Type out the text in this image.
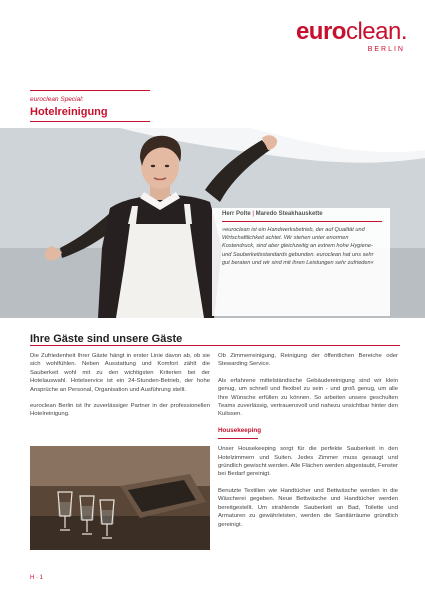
euroclean.
BERLIN
euroclean Special:
Hotelreinigung
Herr Polte | Maredo Steakhauskette
»euroclean ist ein Handwerksbetrieb, der auf Qualität und Wirtschaftlichkeit achtet. Wir stehen unter enormen Kostendruck, sind aber gleichzeitig an extrem hohe Hygiene- und Sauberkeitsstandards gebunden. euroclean hat uns sehr gut beraten und wir sind mit ihren Leistungen sehr zufrieden«
Ihre Gäste sind unsere Gäste

Die Zufriedenheit Ihrer Gäste hängt in erster Linie davon ab, ob sie sich wohlfühlen. Neben Ausstattung und Komfort zählt die Sauberkeit wohl mit zu den wichtigsten Kriterien bei der Hotelauswahl. Hotelservice ist ein 24-Stunden-Betrieb, der hohe Ansprüche an Personal, Organisation und Ausführung stellt.

euroclean Berlin ist Ihr zuverlässiger Partner in der professionellen Hotelreinigung.

Ob Zimmerreinigung, Reinigung der öffentlichen Bereiche oder Stewarding Service.

Als erfahrene mittelständische Gebäudereinigung sind wir klein genug, um schnell und flexibel zu sein - und groß genug, um alle Ihre Wünsche erfüllen zu können. So arbeiten unsere geschulten Teams zuverlässig, vertrauensvoll und nahezu unsichtbar hinter den Kulissen.

Housekeeping

Unser Housekeeping sorgt für die perfekte Sauberkeit in den Hotelzimmern und Suiten. Jedes Zimmer muss gesaugt und gründlich gewischt werden. Alle Flächen werden abgestaubt, Fenster bei Bedarf gereinigt.

Benutzte Textilien wie Handtücher und Bettwäsche werden in die Wäscherei gegeben. Neue Bettwäsche und Handtücher werden bereitgestellt. Um strahlende Sauberkeit an Bad, Toilette und Armaturen zu gewährleisten, werden die Sanitärräume gründlich gereinigt.

H · 1
